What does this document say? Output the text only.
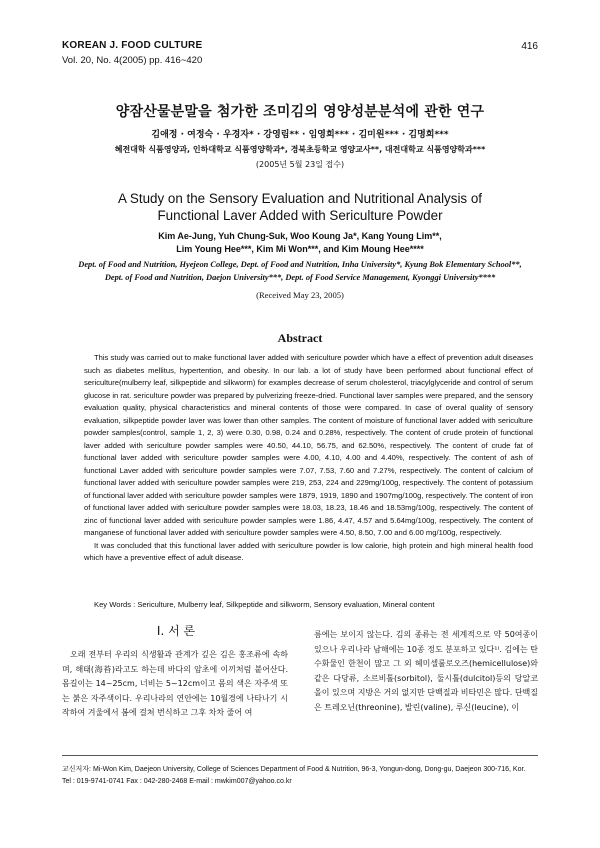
KOREAN J. FOOD CULTURE
Vol. 20, No. 4(2005) pp. 416~420
416
양잠산물분말을 첨가한 조미김의 영양성분분석에 관한 연구
김애정 · 여정숙 · 우경자* · 강영림** · 임영희*** · 김미원*** · 김명희***
혜전대학 식품영양과, 인하대학교 식품영양학과*, 경북초등학교 영양교사**, 대전대학교 식품영양학과***
(2005년 5월 23일 접수)
A Study on the Sensory Evaluation and Nutritional Analysis of
Functional Laver Added with Sericulture Powder
Kim Ae-Jung, Yuh Chung-Suk, Woo Koung Ja*, Kang Young Lim**,
Lim Young Hee***, Kim Mi Won***, and Kim Moung Hee****
Dept. of Food and Nutrition, Hyejeon College, Dept. of Food and Nutrition, Inha University*, Kyung Bok Elementary School**,
Dept. of Food and Nutrition, Daejon University***, Dept. of Food Service Management, Kyonggi University****
(Received May 23, 2005)
Abstract

This study was carried out to make functional laver added with sericulture powder which have a effect of prevention adult diseases such as diabetes mellitus, hypertention, and obesity. In our lab. a lot of study have been performed about functional effect of sericulture(mulberry leaf, silkpeptide and silkworm) for examples decrease of serum cholesterol, triacylglyceride and control of serum glucose in rat. sericulture powder was prepared by pulverizing freeze-dried. Functional laver samples were prepared, and the sensory evaluation quality, physical characteristics and mineral contents of those were compared. In case of overal quality of sensory evaluation, silkpeptide powder laver was lower than other samples. The content of moisture of functional laver added with sericulture powder samples(control, sample 1, 2, 3) were 0.30, 0.98, 0.24 and 0.28%, respectively. The content of crude protein of functional laver added with sericulture powder samples were 40.50, 44.10, 56.75, and 62.50%, respectively. The content of crude fat of functional laver added with sericulture powder samples were 4.00, 4.10, 4.00 and 4.40%, respectively. The content of ash of functional Laver added with sericulture powder samples were 7.07, 7.53, 7.60 and 7.27%, respectively. The content of calcium of functional laver added with sericulture powder samples were 219, 253, 224 and 229mg/100g, respectively. The content of potassium of functional laver added with sericulture powder samples were 1879, 1919, 1890 and 1907mg/100g, respectively. The content of iron of functional laver added with sericulture powder samples were 18.03, 18.23, 18.46 and 18.53mg/100g, respectively. The content of zinc of functional laver added with sericulture powder samples were 1.86, 4.47, 4.57 and 5.64mg/100g, respectively. The content of manganese of functional laver added with sericulture powder samples were 4.50, 8.50, 7.00 and 6.00 mg/100g, respectively.

It was concluded that this functional laver added with sericulture powder is low calorie, high protein and high mineral health food which have a preventive effect of adult disease.

Key Words : Sericulture, Mulberry leaf, Silkpeptide and silkworm, Sensory evaluation, Mineral content
I. 서 론

오래 전부터 우리의 식생활과 관계가 깊은 김은 홍조류에 속하며, 해태(海苔)라고도 하는데 바다의 암초에 이끼처럼 붙어산다. 몸길이는 14~25cm, 너비는 5~12cm이고 몸의 색은 자주색 또는 붉은 자주색이다. 우리나라의 연안에는 10월경에 나타나기 시작하여 겨울에서 봄에 걸쳐 번식하고 그후 차차 줄어 여

름에는 보이지 않는다. 김의 종류는 전 세계적으로 약 50여종이 있으나 우리나라 남해에는 10종 정도 분포하고 있다¹⁾. 김에는 탄수화물인 한천이 많고 그 외 헤미셀룰로오즈(hemicellulose)와 같은 다당류, 소르비톨(sorbitol), 둘시톨(dulcitol)등의 당알코올이 있으며 지방은 거의 없지만 단백질과 비타민은 많다. 단백질은 트레오닌(threonine), 발린(valine), 루신(leucine), 이

교신저자: Mi-Won Kim, Daejeon University, College of Sciences Department of Food & Nutrition, 96-3, Yongun-dong, Dong-gu, Daejeon 300-716, Kor.
Tel : 019-9741-0741 Fax : 042-280-2468 E-mail : mwkim007@yahoo.co.kr
